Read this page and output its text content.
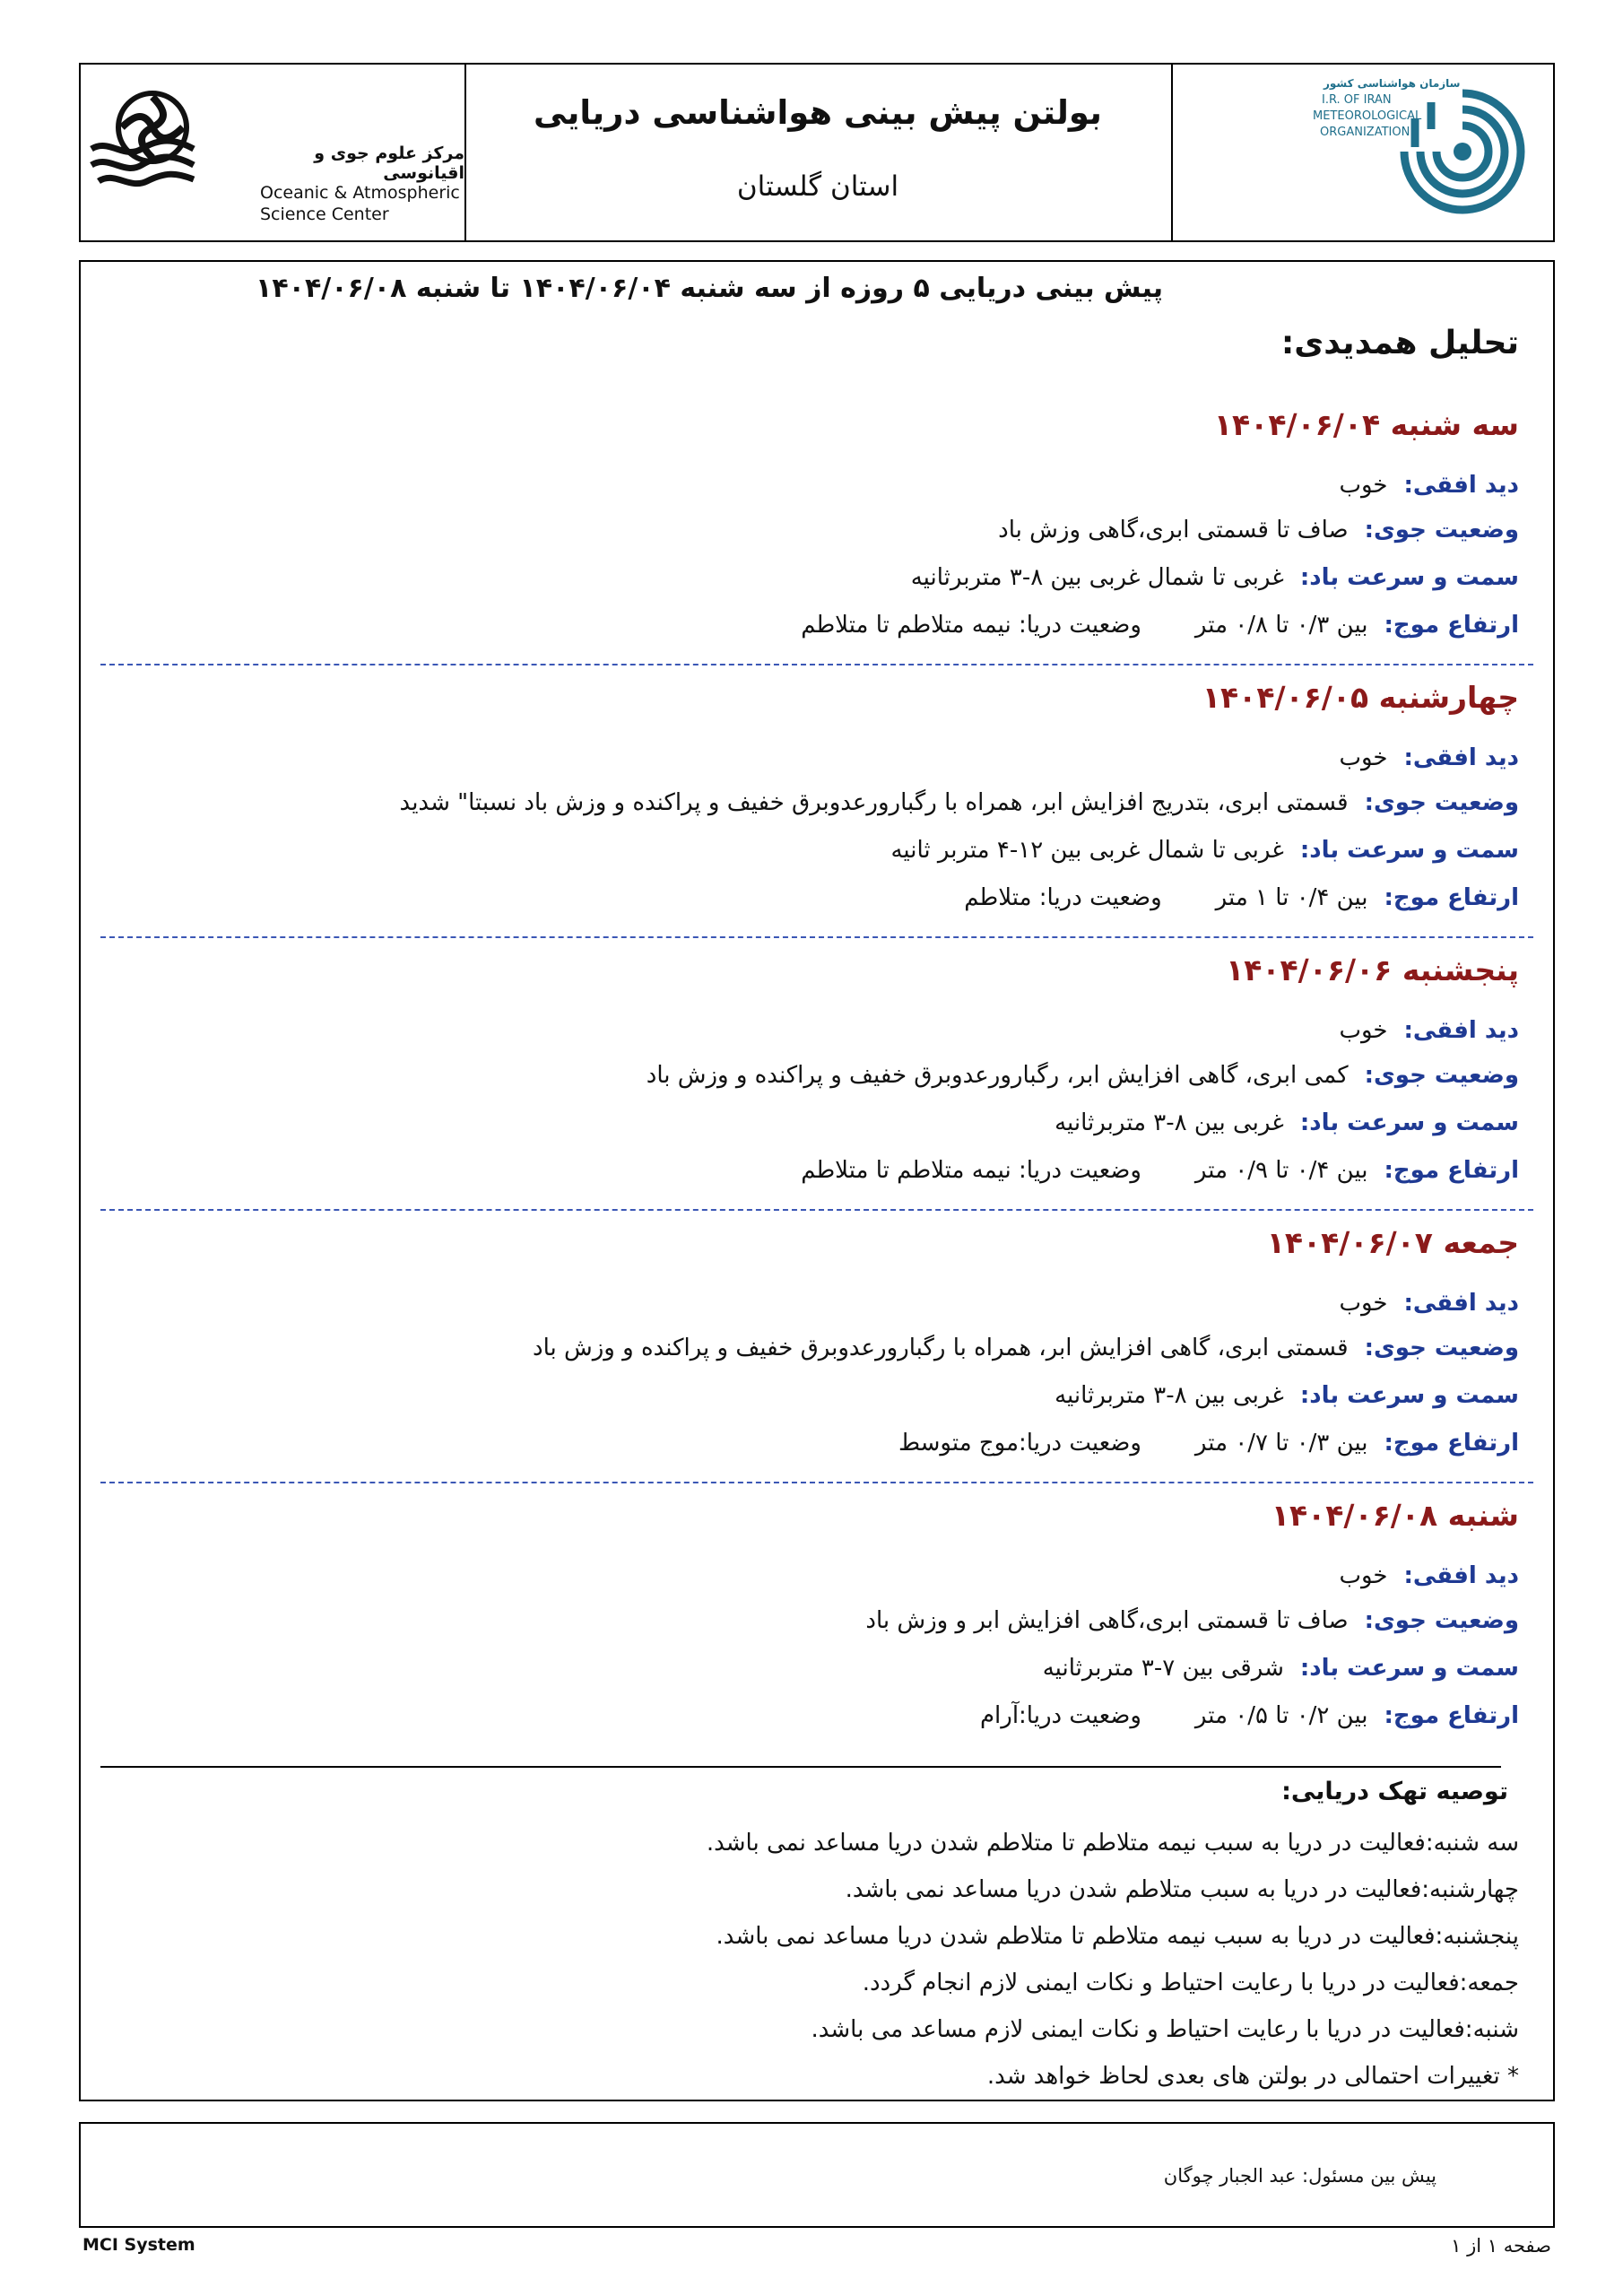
مرکز علوم جوی و اقیانوسی
Oceanic & Atmospheric
Science Center
بولتن پیش بینی هواشناسی دریایی
استان گلستان
سازمان هواشناسی کشور
I.R. OF IRAN
METEOROLOGICAL
ORGANIZATION
پیش بینی دریایی ۵ روزه از سه شنبه ۱۴۰۴/۰۶/۰۴ تا شنبه ۱۴۰۴/۰۶/۰۸
تحلیل همدیدی:
سه شنبه ۱۴۰۴/۰۶/۰۴
دید افقی:خوب
وضعیت جوی:صاف تا قسمتی ابری،گاهی وزش باد
سمت و سرعت باد:غربی تا شمال غربی بین ۸-۳ متربرثانیه
ارتفاع موج:بین ۰/۳ تا ۰/۸ متروضعیت دریا: نیمه متلاطم تا متلاطم
چهارشنبه ۱۴۰۴/۰۶/۰۵
دید افقی:خوب
وضعیت جوی:قسمتی ابری، بتدریج افزایش ابر، همراه با رگبارورعدوبرق خفیف و پراکنده و وزش باد نسبتا" شدید
سمت و سرعت باد:غربی تا شمال غربی بین ۱۲-۴ متربر ثانیه
ارتفاع موج:بین ۰/۴ تا ۱ متروضعیت دریا: متلاطم
پنجشنبه ۱۴۰۴/۰۶/۰۶
دید افقی:خوب
وضعیت جوی:کمی ابری، گاهی افزایش ابر، رگبارورعدوبرق خفیف و پراکنده و وزش باد
سمت و سرعت باد:غربی بین ۸-۳ متربرثانیه
ارتفاع موج:بین ۰/۴ تا ۰/۹ متروضعیت دریا: نیمه متلاطم تا متلاطم
جمعه ۱۴۰۴/۰۶/۰۷
دید افقی:خوب
وضعیت جوی:قسمتی ابری، گاهی افزایش ابر، همراه با رگبارورعدوبرق خفیف و پراکنده و وزش باد
سمت و سرعت باد:غربی بین ۸-۳ متربرثانیه
ارتفاع موج:بین ۰/۳ تا ۰/۷ متروضعیت دریا:موج متوسط
شنبه ۱۴۰۴/۰۶/۰۸
دید افقی:خوب
وضعیت جوی:صاف تا قسمتی ابری،گاهی افزایش ابر و وزش باد
سمت و سرعت باد:شرقی بین ۷-۳ متربرثانیه
ارتفاع موج:بین ۰/۲ تا ۰/۵ متروضعیت دریا:آرام
توصیه تهک دریایی:
سه شنبه:فعالیت در دریا به سبب نیمه متلاطم تا متلاطم شدن دریا مساعد نمی باشد.
چهارشنبه:فعالیت در دریا به سبب متلاطم شدن دریا مساعد نمی باشد.
پنجشنبه:فعالیت در دریا به سبب نیمه متلاطم تا متلاطم شدن دریا مساعد نمی باشد.
جمعه:فعالیت در دریا با رعایت احتیاط و نکات ایمنی لازم انجام گردد.
شنبه:فعالیت در دریا با رعایت احتیاط و نکات ایمنی لازم مساعد می باشد.
* تغییرات احتمالی در بولتن های بعدی لحاظ خواهد شد.
پیش بین مسئول: عبد الجبار چوگان
MCI System	صفحه ۱ از ۱
